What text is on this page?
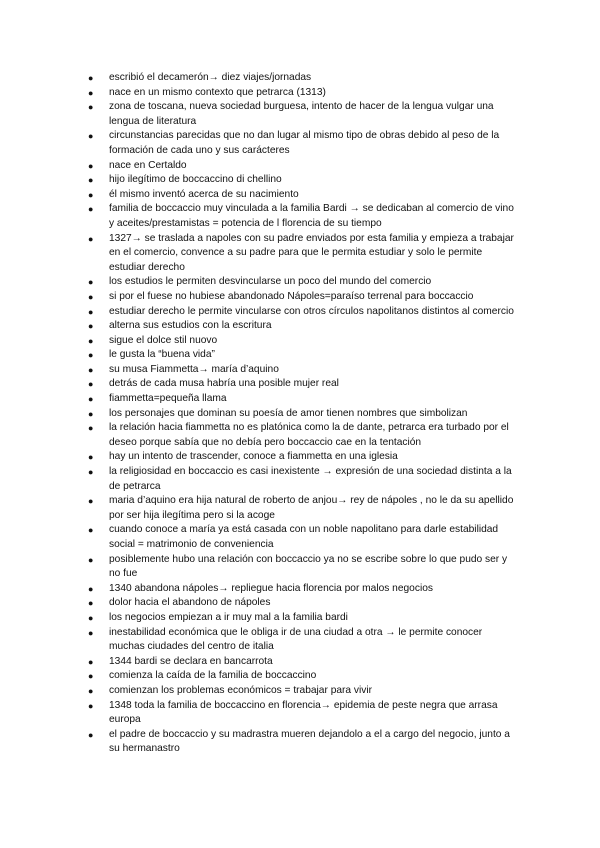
●	escribió el decamerón→ diez viajes/jornadas
●	nace en un mismo contexto que petrarca (1313)
●	zona de toscana, nueva sociedad burguesa, intento de hacer de la lengua vulgar una lengua de literatura
●	circunstancias parecidas que no dan lugar al mismo tipo de obras debido al peso de la formación de cada uno y sus carácteres
●	nace en Certaldo
●	hijo ilegítimo de boccaccino di chellino
●	él mismo inventó acerca de su nacimiento
●	familia de boccaccio muy vinculada a la familia Bardi → se dedicaban al comercio de vino y aceites/prestamistas = potencia de l florencia de su tiempo
●	1327→ se traslada a napoles con su padre enviados por esta familia y empieza a trabajar en el comercio, convence a su padre para que le permita estudiar y solo le permite estudiar derecho
●	los estudios le permiten desvincularse un poco del mundo del comercio
●	si por el fuese no hubiese abandonado Nápoles=paraíso terrenal para boccaccio
●	estudiar derecho le permite vincularse con otros círculos napolitanos distintos al comercio
●	alterna sus estudios con la escritura
●	sigue el dolce stil nuovo
●	le gusta la “buena vida”
●	su musa Fiammetta→ maría d’aquino
●	detrás de cada musa habría una posible mujer real
●	fiammetta=pequeña llama
●	los personajes que dominan su poesía de amor tienen nombres que simbolizan
●	la relación hacia fiammetta no es platónica como la de dante, petrarca era turbado por el deseo porque sabía que no debía pero boccaccio cae en la tentación
●	hay un intento de trascender, conoce a fiammetta en una iglesia
●	la religiosidad en boccaccio es casi inexistente → expresión de una sociedad distinta a la de petrarca
●	maria d’aquino era hija natural de roberto de anjou→ rey de nápoles , no le da su apellido por ser hija ilegítima pero si la acoge
●	cuando conoce a maría ya está casada con un noble napolitano para darle estabilidad social = matrimonio de conveniencia
●	posiblemente hubo una relación con boccaccio ya no se escribe sobre lo que pudo ser y no fue
●	1340 abandona nápoles→ repliegue hacia florencia por malos negocios
●	dolor hacia el abandono de nápoles
●	los negocios empiezan a ir muy mal a la familia bardi
●	inestabilidad económica que le obliga ir de una ciudad a otra → le permite conocer muchas ciudades del centro de italia
●	1344 bardi se declara en bancarrota
●	comienza la caída de la familia de boccaccino
●	comienzan los problemas económicos = trabajar para vivir
●	1348 toda la familia de boccaccino en florencia→ epidemia de peste negra que arrasa europa
●	el padre de boccaccio y su madrastra mueren dejandolo a el a cargo del negocio, junto a su hermanastro
